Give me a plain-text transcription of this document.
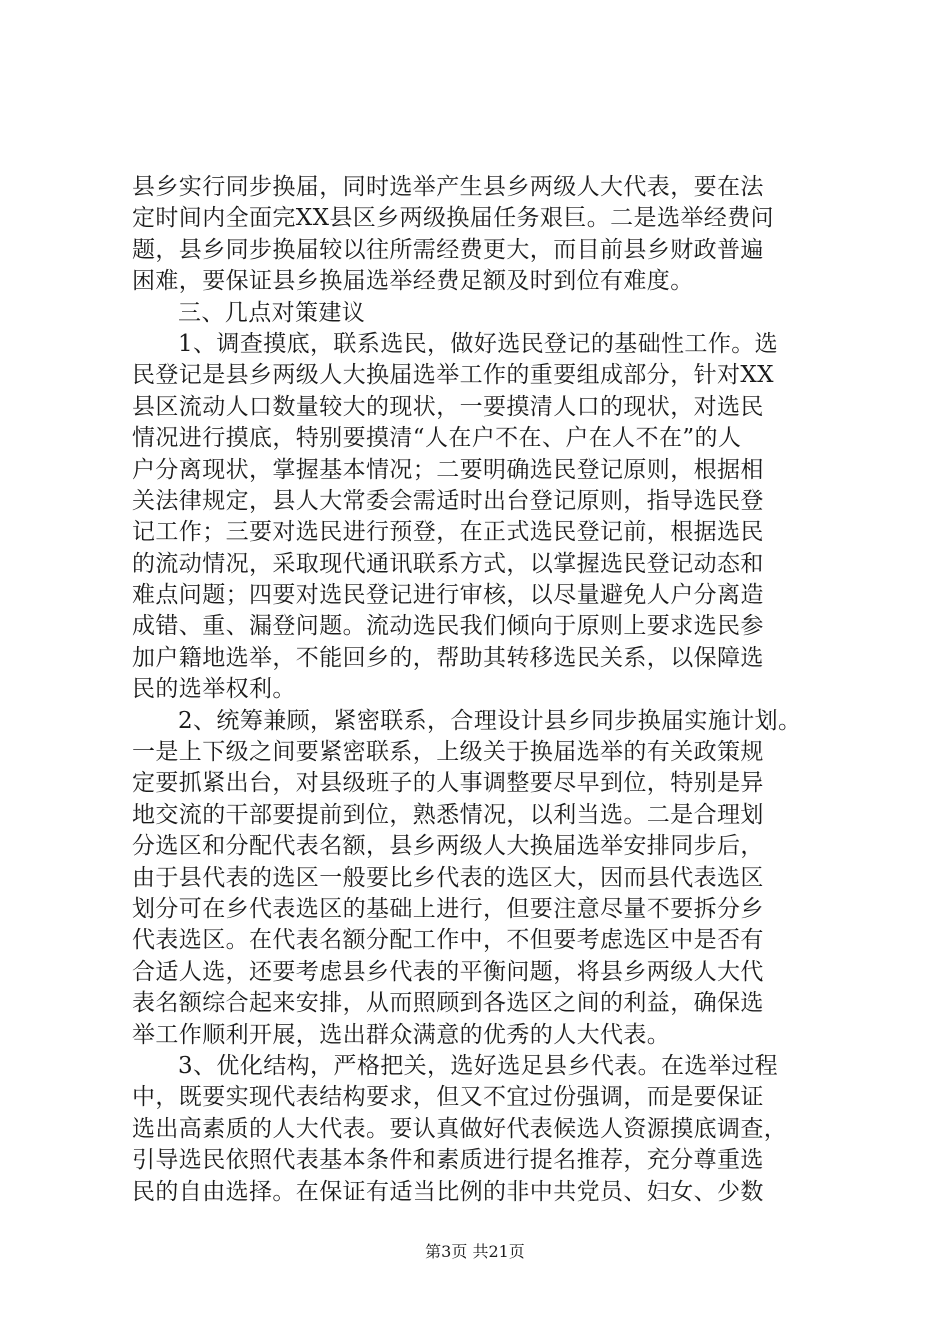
县乡实行同步换届，同时选举产生县乡两级人大代表，要在法
定时间内全面完XX县区乡两级换届任务艰巨。二是选举经费问
题，县乡同步换届较以往所需经费更大，而目前县乡财政普遍
困难，要保证县乡换届选举经费足额及时到位有难度。
三、几点对策建议
1、调查摸底，联系选民，做好选民登记的基础性工作。选
民登记是县乡两级人大换届选举工作的重要组成部分，针对XX
县区流动人口数量较大的现状，一要摸清人口的现状，对选民
情况进行摸底，特别要摸清“人在户不在、户在人不在”的人
户分离现状，掌握基本情况；二要明确选民登记原则，根据相
关法律规定，县人大常委会需适时出台登记原则，指导选民登
记工作；三要对选民进行预登，在正式选民登记前，根据选民
的流动情况，采取现代通讯联系方式，以掌握选民登记动态和
难点问题；四要对选民登记进行审核，以尽量避免人户分离造
成错、重、漏登问题。流动选民我们倾向于原则上要求选民参
加户籍地选举，不能回乡的，帮助其转移选民关系，以保障选
民的选举权利。
2、统筹兼顾，紧密联系，合理设计县乡同步换届实施计划。
一是上下级之间要紧密联系，上级关于换届选举的有关政策规
定要抓紧出台，对县级班子的人事调整要尽早到位，特别是异
地交流的干部要提前到位，熟悉情况，以利当选。二是合理划
分选区和分配代表名额，县乡两级人大换届选举安排同步后，
由于县代表的选区一般要比乡代表的选区大，因而县代表选区
划分可在乡代表选区的基础上进行，但要注意尽量不要拆分乡
代表选区。在代表名额分配工作中，不但要考虑选区中是否有
合适人选，还要考虑县乡代表的平衡问题，将县乡两级人大代
表名额综合起来安排，从而照顾到各选区之间的利益，确保选
举工作顺利开展，选出群众满意的优秀的人大代表。
3、优化结构，严格把关，选好选足县乡代表。在选举过程
中，既要实现代表结构要求，但又不宜过份强调，而是要保证
选出高素质的人大代表。要认真做好代表候选人资源摸底调查，
引导选民依照代表基本条件和素质进行提名推荐，充分尊重选
民的自由选择。在保证有适当比例的非中共党员、妇女、少数
第3页 共21页
